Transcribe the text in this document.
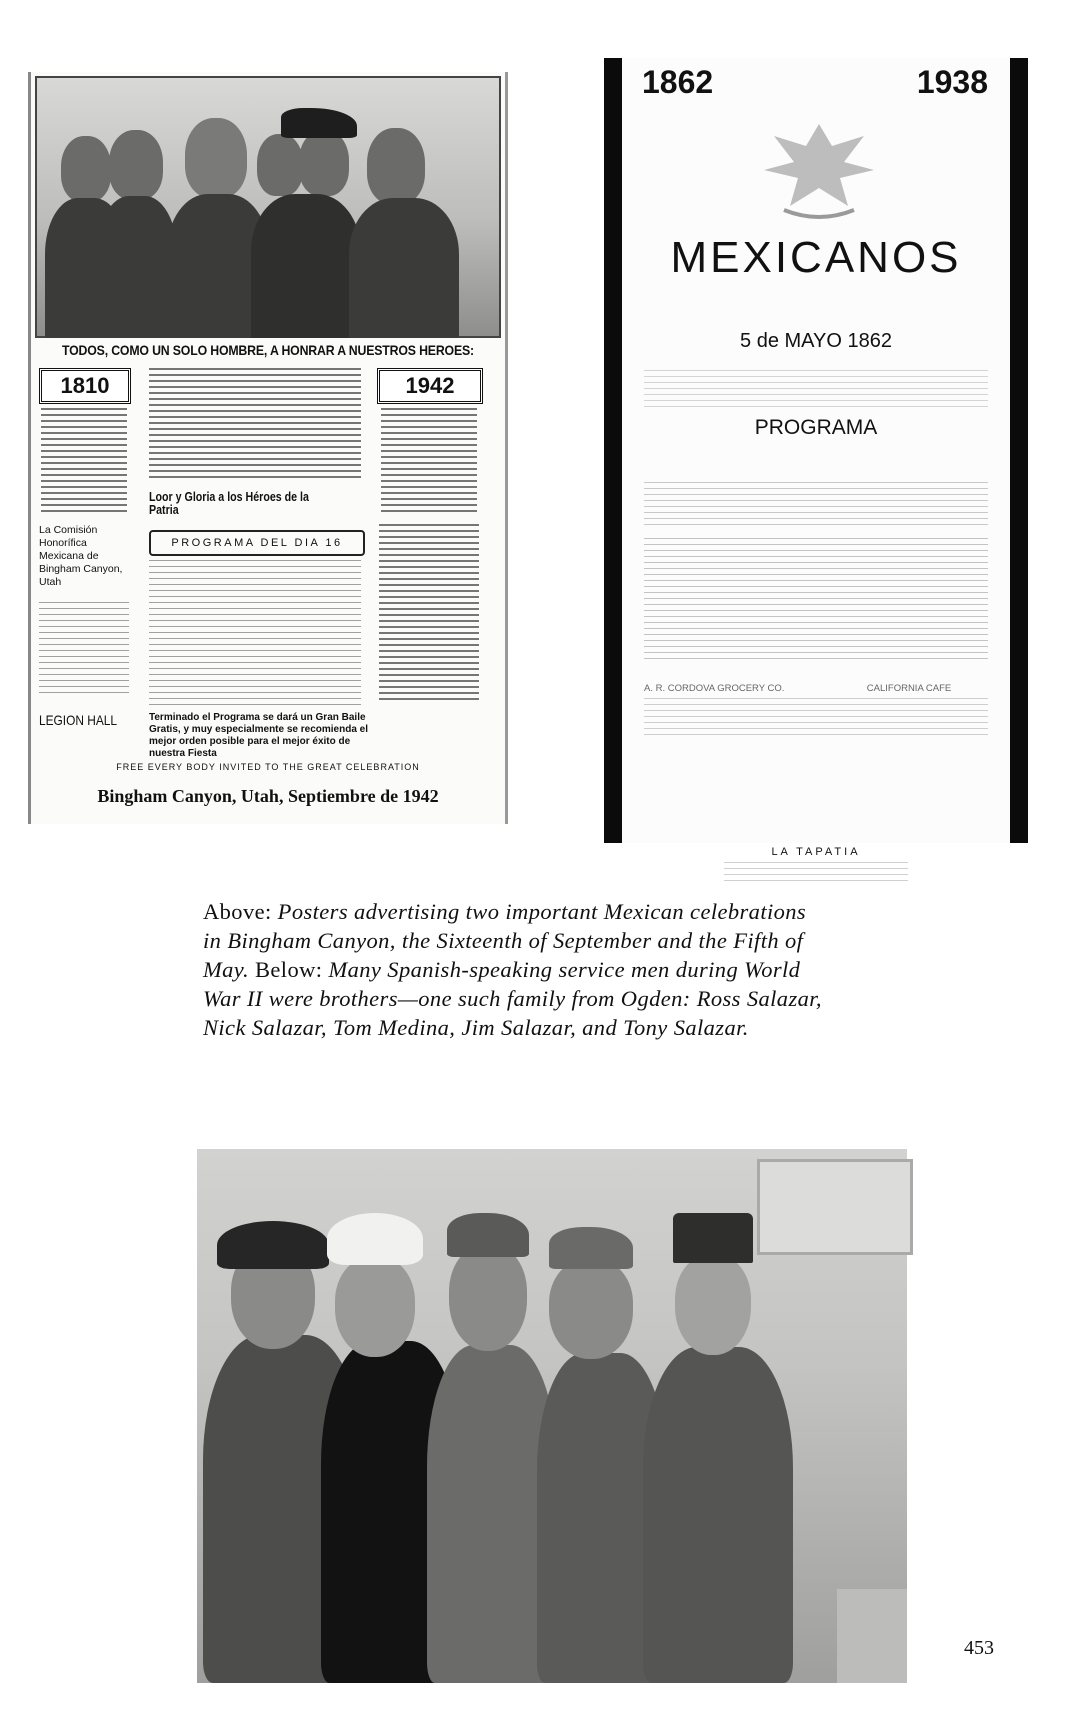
TODOS, COMO UN SOLO HOMBRE, A HONRAR A NUESTROS HEROES:
1810
Loor y Gloria a los Héroes de la Patria
1942
La Comisión Honorífica Mexicana de Bingham Canyon, Utah
PROGRAMA DEL DIA 16
LEGION HALL	Terminado el Programa se dará un Gran Baile Gratis, y muy especialmente se recomienda el mejor orden posible para el mejor éxito de nuestra Fiesta
FREE EVERY BODY INVITED TO THE GREAT CELEBRATION
Bingham Canyon, Utah, Septiembre de 1942
1862	1938
MEXICANOS
5 de MAYO 1862
PROGRAMA
A. R. CORDOVA GROCERY CO.	CALIFORNIA CAFE
LA TAPATIA
Above: Posters advertising two important Mexican celebrations in Bingham Canyon, the Sixteenth of September and the Fifth of May. Below: Many Spanish-speaking service men during World War II were brothers—one such family from Ogden: Ross Salazar, Nick Salazar, Tom Medina, Jim Salazar, and Tony Salazar.
453
